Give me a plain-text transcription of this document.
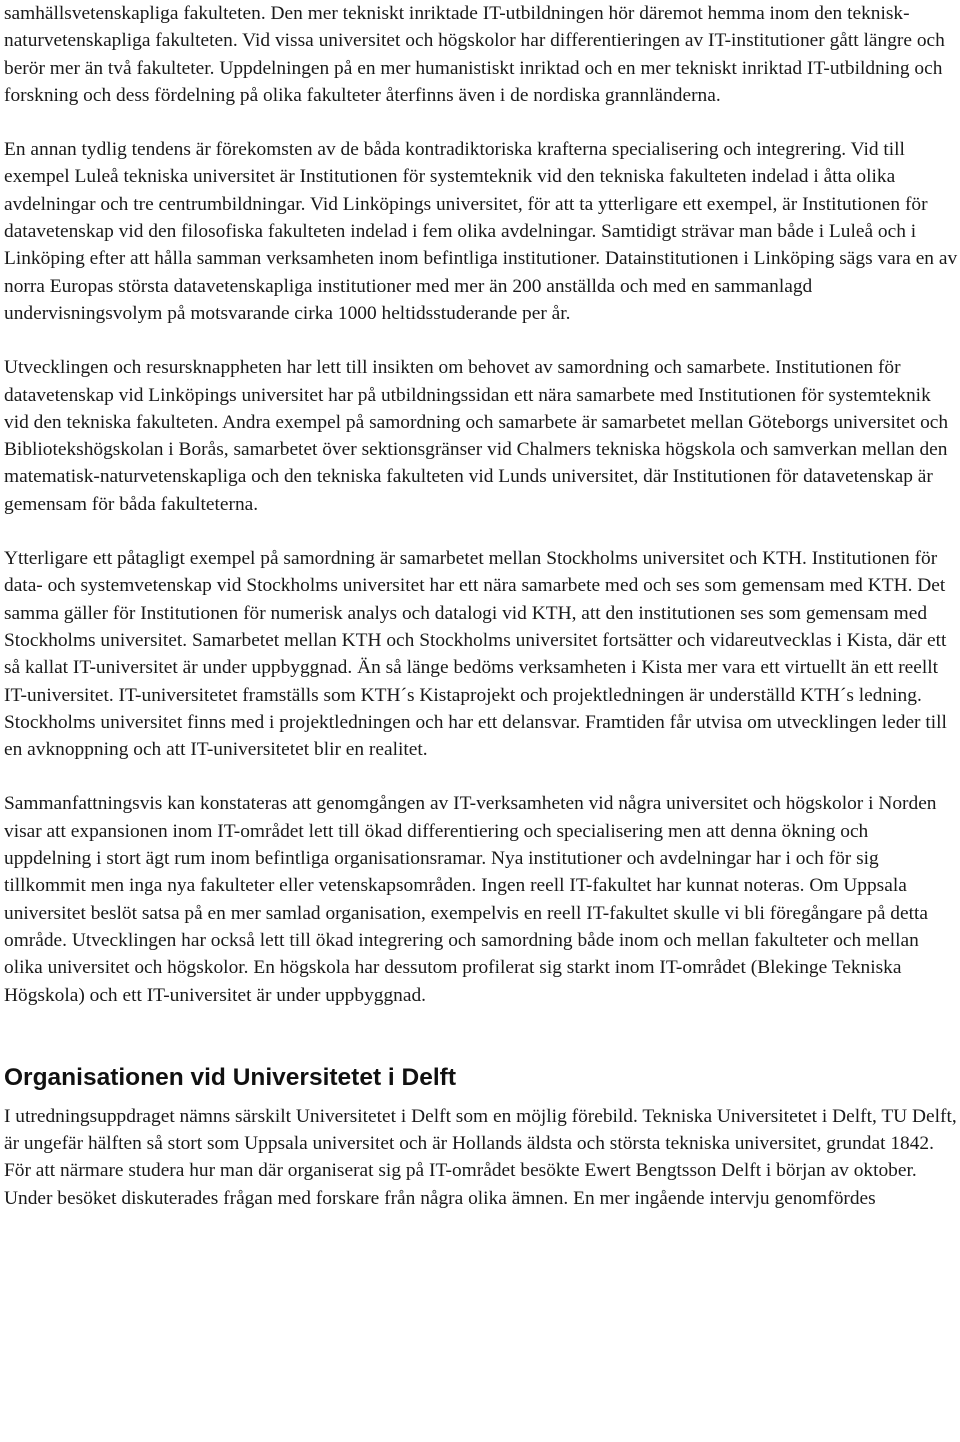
samhällsvetenskapliga fakulteten. Den mer tekniskt inriktade IT-utbildningen hör däremot hemma inom den teknisk-naturvetenskapliga fakulteten. Vid vissa universitet och högskolor har differentieringen av IT-institutioner gått längre och berör mer än två fakulteter. Uppdelningen på en mer humanistiskt inriktad och en mer tekniskt inriktad IT-utbildning och forskning och dess fördelning på olika fakulteter återfinns även i de nordiska grannländerna.

En annan tydlig tendens är förekomsten av de båda kontradiktoriska krafterna specialisering och integrering. Vid till exempel Luleå tekniska universitet är Institutionen för systemteknik vid den tekniska fakulteten indelad i åtta olika avdelningar och tre centrumbildningar. Vid Linköpings universitet, för att ta ytterligare ett exempel, är Institutionen för datavetenskap vid den filosofiska fakulteten indelad i fem olika avdelningar. Samtidigt strävar man både i Luleå och i Linköping efter att hålla samman verksamheten inom befintliga institutioner. Datainstitutionen i Linköping sägs vara en av norra Europas största datavetenskapliga institutioner med mer än 200 anställda och med en sammanlagd undervisningsvolym på motsvarande cirka 1000 heltidsstuderande per år.

Utvecklingen och resursknappheten har lett till insikten om behovet av samordning och samarbete. Institutionen för datavetenskap vid Linköpings universitet har på utbildningssidan ett nära samarbete med Institutionen för systemteknik vid den tekniska fakulteten. Andra exempel på samordning och samarbete är samarbetet mellan Göteborgs universitet och Bibliotekshögskolan i Borås, samarbetet över sektionsgränser vid Chalmers tekniska högskola och samverkan mellan den matematisk-naturvetenskapliga och den tekniska fakulteten vid Lunds universitet, där Institutionen för datavetenskap är gemensam för båda fakulteterna.

Ytterligare ett påtagligt exempel på samordning är samarbetet mellan Stockholms universitet och KTH. Institutionen för data- och systemvetenskap vid Stockholms universitet har ett nära samarbete med och ses som gemensam med KTH. Det samma gäller för Institutionen för numerisk analys och datalogi vid KTH, att den institutionen ses som gemensam med Stockholms universitet. Samarbetet mellan KTH och Stockholms universitet fortsätter och vidareutvecklas i Kista, där ett så kallat IT-universitet är under uppbyggnad. Än så länge bedöms verksamheten i Kista mer vara ett virtuellt än ett reellt IT-universitet. IT-universitetet framställs som KTH´s Kistaprojekt och projektledningen är underställd KTH´s ledning. Stockholms universitet finns med i projektledningen och har ett delansvar. Framtiden får utvisa om utvecklingen leder till en avknoppning och att IT-universitetet blir en realitet.

Sammanfattningsvis kan konstateras att genomgången av IT-verksamheten vid några universitet och högskolor i Norden visar att expansionen inom IT-området lett till ökad differentiering och specialisering men att denna ökning och uppdelning i stort ägt rum inom befintliga organisationsramar. Nya institutioner och avdelningar har i och för sig tillkommit men inga nya fakulteter eller vetenskapsområden. Ingen reell IT-fakultet har kunnat noteras. Om Uppsala universitet beslöt satsa på en mer samlad organisation, exempelvis en reell IT-fakultet skulle vi bli föregångare på detta område. Utvecklingen har också lett till ökad integrering och samordning både inom och mellan fakulteter och mellan olika universitet och högskolor. En högskola har dessutom profilerat sig starkt inom IT-området (Blekinge Tekniska Högskola) och ett IT-universitet är under uppbyggnad.

Organisationen vid Universitetet i Delft

I utredningsuppdraget nämns särskilt Universitetet i Delft som en möjlig förebild. Tekniska Universitetet i Delft, TU Delft, är ungefär hälften så stort som Uppsala universitet och är Hollands äldsta och största tekniska universitet, grundat 1842. För att närmare studera hur man där organiserat sig på IT-området besökte Ewert Bengtsson Delft i början av oktober. Under besöket diskuterades frågan med forskare från några olika ämnen. En mer ingående intervju genomfördes
